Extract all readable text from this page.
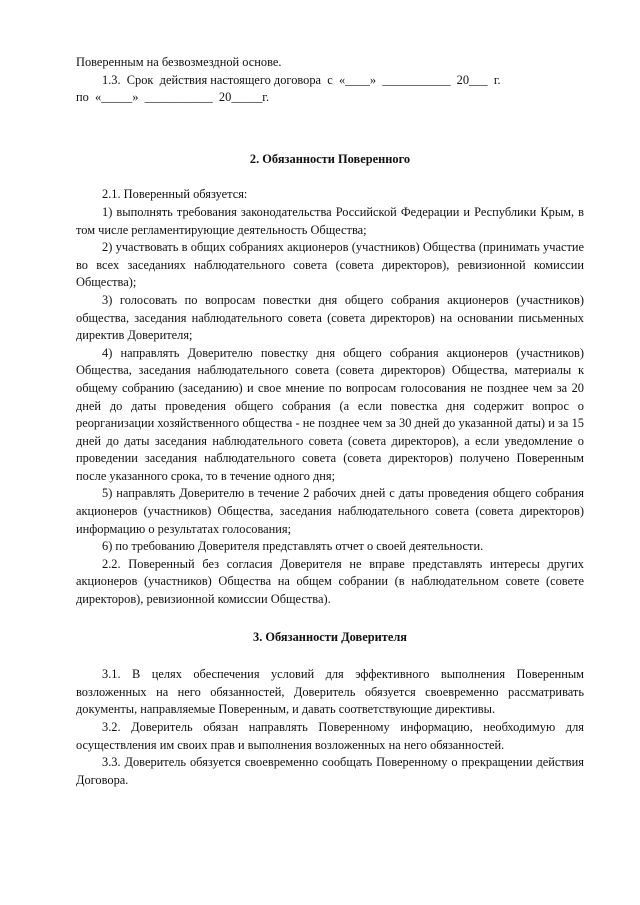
Поверенным на безвозмездной основе.

1.3.  Срок  действия настоящего договора  с  «____»  ___________  20___  г.

по  «_____»  ___________  20_____г.

2. Обязанности Поверенного

2.1. Поверенный обязуется:

1) выполнять требования законодательства Российской Федерации и Республики Крым, в том числе регламентирующие деятельность Общества;

2) участвовать в общих собраниях акционеров (участников) Общества (принимать участие во всех заседаниях наблюдательного совета (совета директоров), ревизионной комиссии Общества);

3) голосовать по вопросам повестки дня общего собрания акционеров (участников) общества, заседания наблюдательного совета (совета директоров) на основании письменных директив Доверителя;

4) направлять Доверителю повестку дня общего собрания акционеров (участников) Общества, заседания наблюдательного совета (совета директоров) Общества, материалы к общему собранию (заседанию) и свое мнение по вопросам голосования не позднее чем за 20 дней до даты проведения общего собрания (а если повестка дня содержит вопрос о реорганизации хозяйственного общества - не позднее чем за 30 дней до указанной даты) и за 15 дней до даты заседания наблюдательного совета (совета директоров), а если уведомление о проведении заседания наблюдательного совета (совета директоров) получено Поверенным после указанного срока, то в течение одного дня;

5) направлять Доверителю в течение 2 рабочих дней с даты проведения общего собрания акционеров (участников) Общества, заседания наблюдательного совета (совета директоров) информацию о результатах голосования;

6) по требованию Доверителя представлять отчет о своей деятельности.

2.2. Поверенный без согласия Доверителя не вправе представлять интересы других акционеров (участников) Общества на общем собрании (в наблюдательном совете (совете директоров), ревизионной комиссии Общества).

3. Обязанности Доверителя

3.1. В целях обеспечения условий для эффективного выполнения Поверенным возложенных на него обязанностей, Доверитель обязуется своевременно рассматривать документы, направляемые Поверенным, и давать соответствующие директивы.

3.2. Доверитель обязан направлять Поверенному информацию, необходимую для осуществления им своих прав и выполнения возложенных на него обязанностей.

3.3. Доверитель обязуется своевременно сообщать Поверенному о прекращении действия Договора.
